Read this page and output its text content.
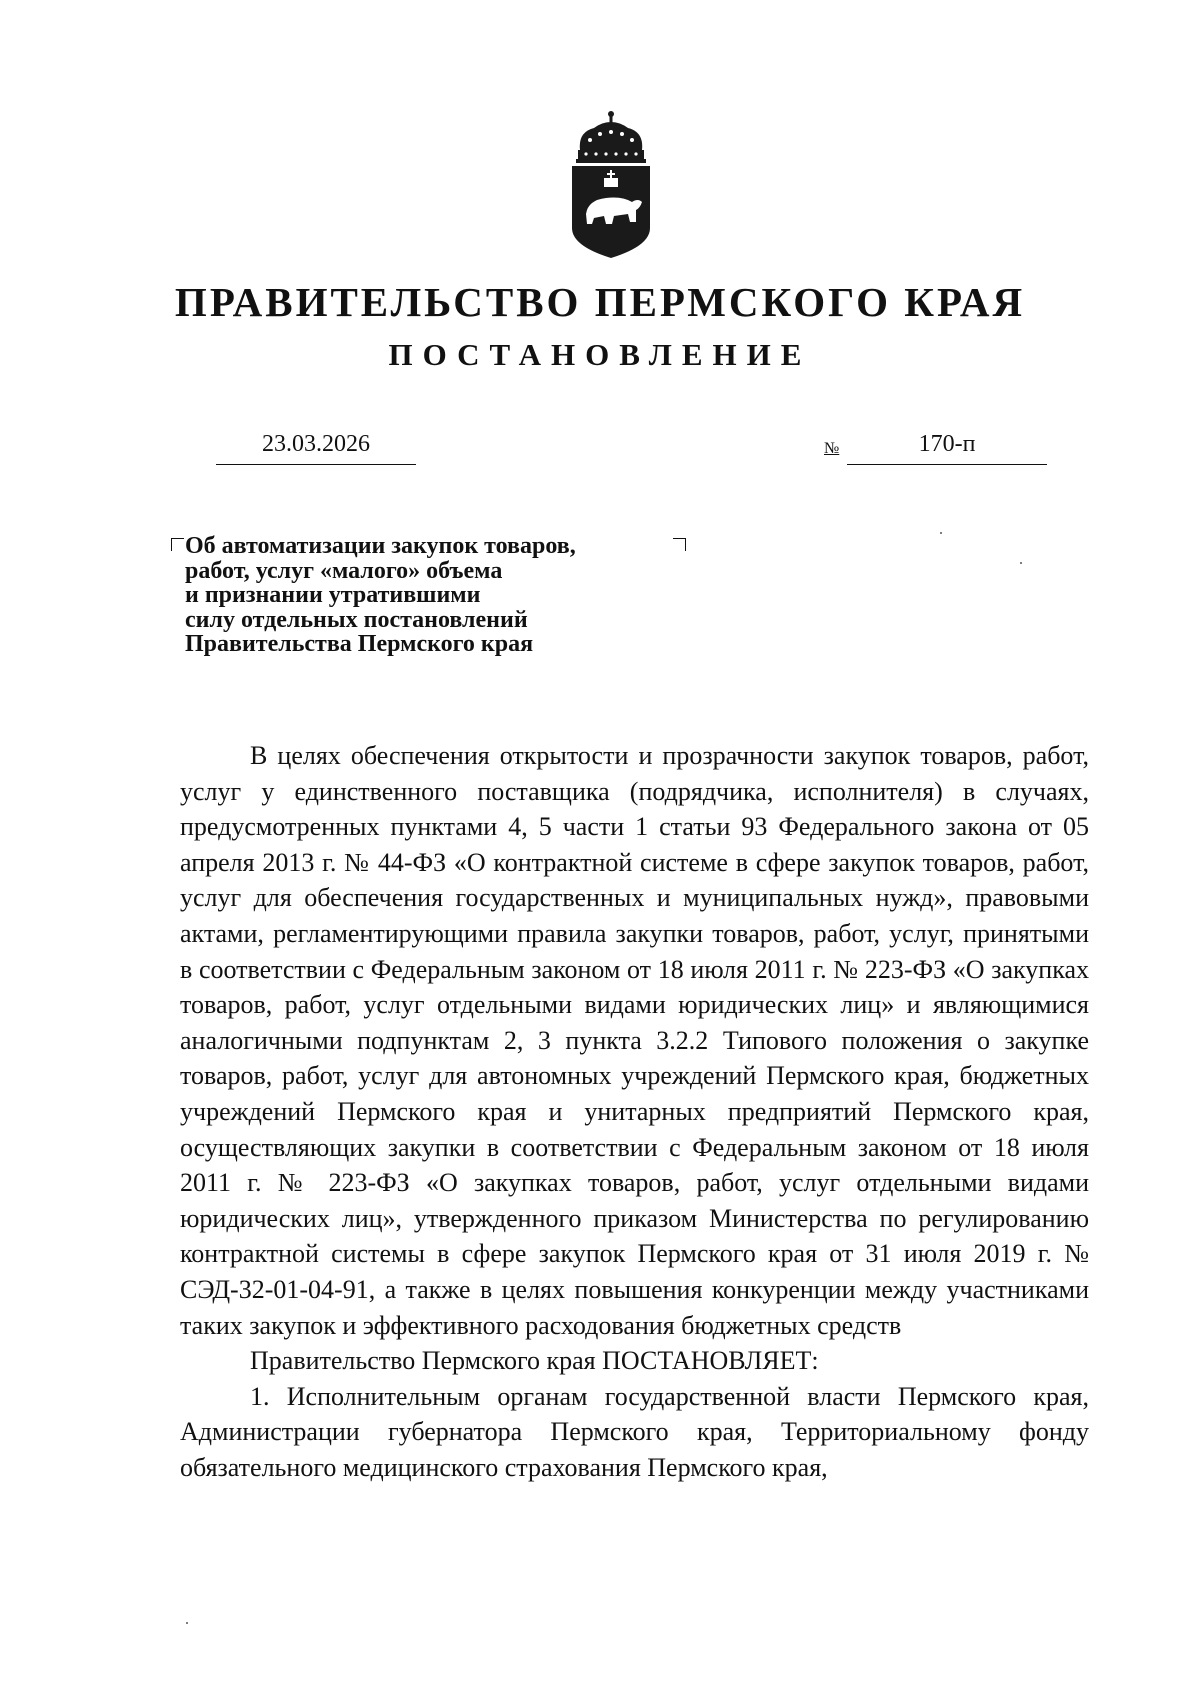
ПРАВИТЕЛЬСТВО ПЕРМСКОГО КРАЯ
ПОСТАНОВЛЕНИЕ
23.03.2026	№	170-п
Об автоматизации закупок товаров,
работ, услуг «малого» объема
и признании утратившими
силу отдельных постановлений
Правительства Пермского края

В целях обеспечения открытости и прозрачности закупок товаров, работ, услуг у единственного поставщика (подрядчика, исполнителя) в случаях, предусмотренных пунктами 4, 5 части 1 статьи 93 Федерального закона от 05 апреля 2013 г. № 44-ФЗ «О контрактной системе в сфере закупок товаров, работ, услуг для обеспечения государственных и муниципальных нужд», правовыми актами, регламентирующими правила закупки товаров, работ, услуг, принятыми в соответствии с Федеральным законом от 18 июля 2011 г. № 223-ФЗ «О закупках товаров, работ, услуг отдельными видами юридических лиц» и являющимися аналогичными подпунктам 2, 3 пункта 3.2.2 Типового положения о закупке товаров, работ, услуг для автономных учреждений Пермского края, бюджетных учреждений Пермского края и унитарных предприятий Пермского края, осуществляющих закупки в соответствии с Федеральным законом от 18 июля 2011 г. № 223-ФЗ «О закупках товаров, работ, услуг отдельными видами юридических лиц», утвержденного приказом Министерства по регулированию контрактной системы в сфере закупок Пермского края от 31 июля 2019 г. № СЭД-32-01-04-91, а также в целях повышения конкуренции между участниками таких закупок и эффективного расходования бюджетных средств

Правительство Пермского края ПОСТАНОВЛЯЕТ:

1. Исполнительным органам государственной власти Пермского края, Администрации губернатора Пермского края, Территориальному фонду обязательного медицинского страхования Пермского края,
